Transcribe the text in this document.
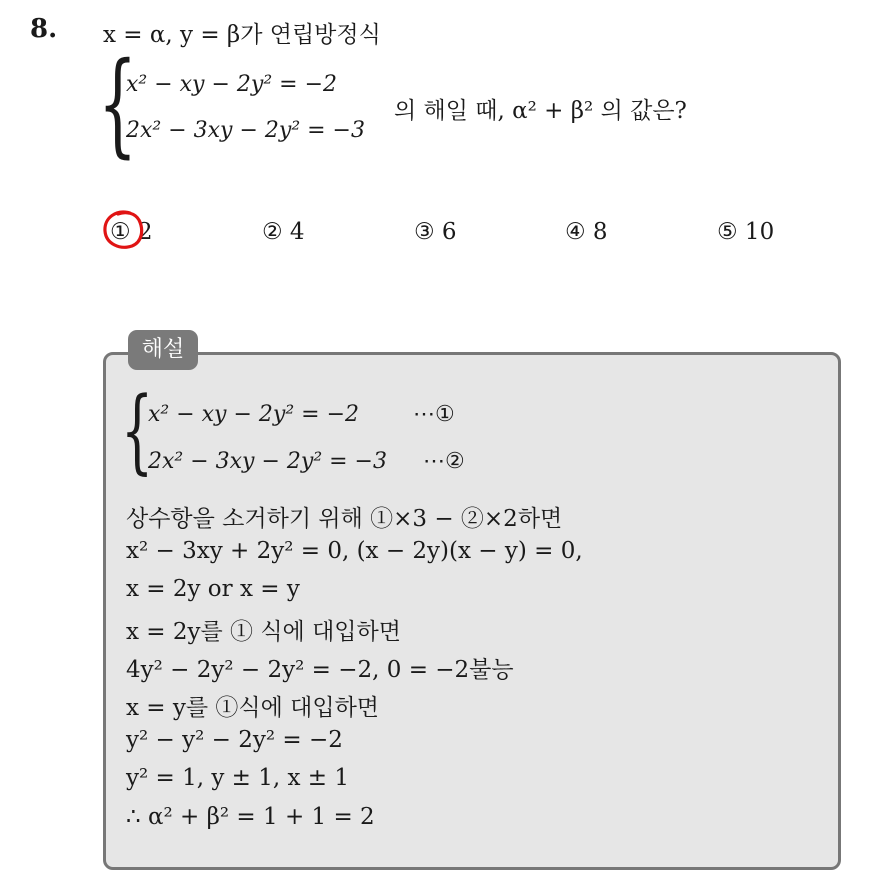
8. x = α, y = β가 연립방정식
{
x² − xy − 2y² = −2
2x² − 3xy − 2y² = −3
의 해일 때, α² + β² 의 값은?
① 2	② 4	③ 6	④ 8	⑤ 10
해설
{
x² − xy − 2y² = −2 ⋯①
2x² − 3xy − 2y² = −3 ⋯②
상수항을 소거하기 위해 ①×3 − ②×2하면
x² − 3xy + 2y² = 0, (x − 2y)(x − y) = 0,
x = 2y or x = y
x = 2y를 ① 식에 대입하면
4y² − 2y² − 2y² = −2, 0 = −2불능
x = y를 ①식에 대입하면
y² − y² − 2y² = −2
y² = 1, y ± 1, x ± 1
∴ α² + β² = 1 + 1 = 2
